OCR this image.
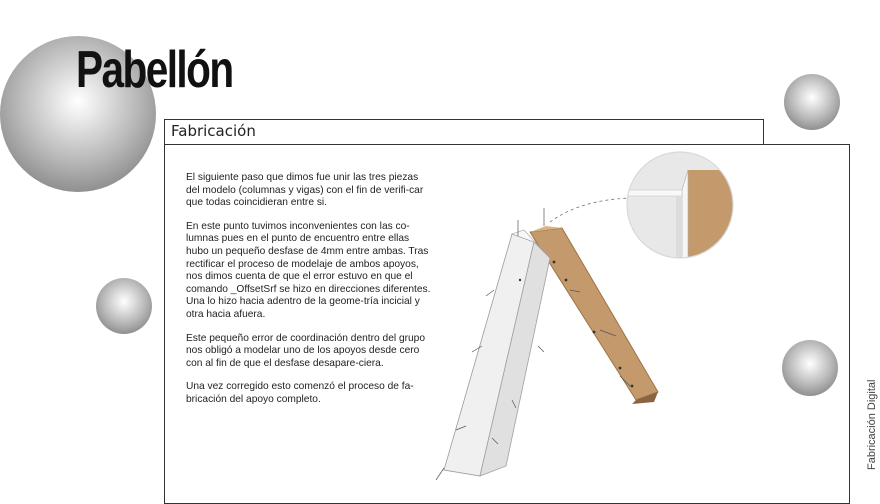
Pabellón
Fabricación

El siguiente paso que dimos fue unir las tres piezas del modelo (columnas y vigas) con el fin de verifi-car que todas coincidieran entre si.

En este punto tuvimos inconvenientes con las co-lumnas pues en el punto de encuentro entre ellas hubo un pequeño desfase de 4mm entre ambas. Tras rectificar el proceso de modelaje de ambos apoyos, nos dimos cuenta de que el error estuvo en que el comando _OffsetSrf se hizo en direcciones diferentes. Una lo hizo hacia adentro de la geome-tría incicial y otra hacia afuera.

Este pequeño error de coordinación dentro del grupo nos obligó a modelar uno de los apoyos desde cero con al fin de que el desfase desapare-ciera.

Una vez corregido esto comenzó el proceso de fa-bricación del apoyo completo.	Fabricación Digital
